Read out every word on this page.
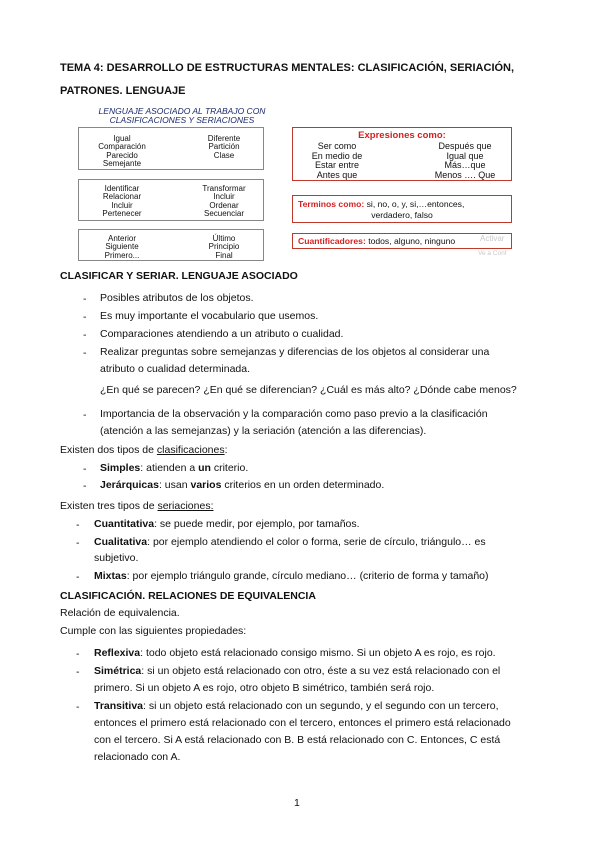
TEMA 4: DESARROLLO DE ESTRUCTURAS MENTALES: CLASIFICACIÓN, SERIACIÓN, PATRONES. LENGUAJE
LENGUAJE ASOCIADO AL TRABAJO CON
CLASIFICACIONES Y SERIACIONES
Igual
Comparación
Parecido
Semejante
Diferente
Partición
Clase
Identificar
Relacionar
Incluir
Pertenecer
Transformar
Incluir
Ordenar
Secuenciar
Anterior
Siguiente
Primero...
Último
Principio
Final
Expresiones como:
Ser como
En medio de
Estar entre
Antes que
Después que
Igual que
Más…que
Menos …. Que
Terminos como: si, no, o, y, si,…entonces,
verdadero, falso
Cuantificadores: todos, alguno, ninguno	Activar
Ve a Conf
CLASIFICAR Y SERIAR. LENGUAJE ASOCIADO
- Posibles atributos de los objetos.
- Es muy importante el vocabulario que usemos.
- Comparaciones atendiendo a un atributo o cualidad.
- Realizar preguntas sobre semejanzas y diferencias de los objetos al considerar una
atributo o cualidad determinada.
¿En qué se parecen? ¿En qué se diferencian? ¿Cuál es más alto? ¿Dónde cabe menos?
- Importancia de la observación y la comparación como paso previo a la clasificación
(atención a las semejanzas) y la seriación (atención a las diferencias).
Existen dos tipos de clasificaciones:
- Simples: atienden a un criterio.
- Jerárquicas: usan varios criterios en un orden determinado.
Existen tres tipos de seriaciones:
- Cuantitativa: se puede medir, por ejemplo, por tamaños.
- Cualitativa: por ejemplo atendiendo el color o forma, serie de círculo, triángulo… es
subjetivo.
- Mixtas: por ejemplo triángulo grande, círculo mediano… (criterio de forma y tamaño)
CLASIFICACIÓN. RELACIONES DE EQUIVALENCIA
Relación de equivalencia.
Cumple con las siguientes propiedades:
- Reflexiva: todo objeto está relacionado consigo mismo. Si un objeto A es rojo, es rojo.
- Simétrica: si un objeto está relacionado con otro, éste a su vez está relacionado con el
primero. Si un objeto A es rojo, otro objeto B simétrico, también será rojo.
- Transitiva: si un objeto está relacionado con un segundo, y el segundo con un tercero,
entonces el primero está relacionado con el tercero, entonces el primero está relacionado
con el tercero. Si A está relacionado con B. B está relacionado con C. Entonces, C está
relacionado con A.
1
